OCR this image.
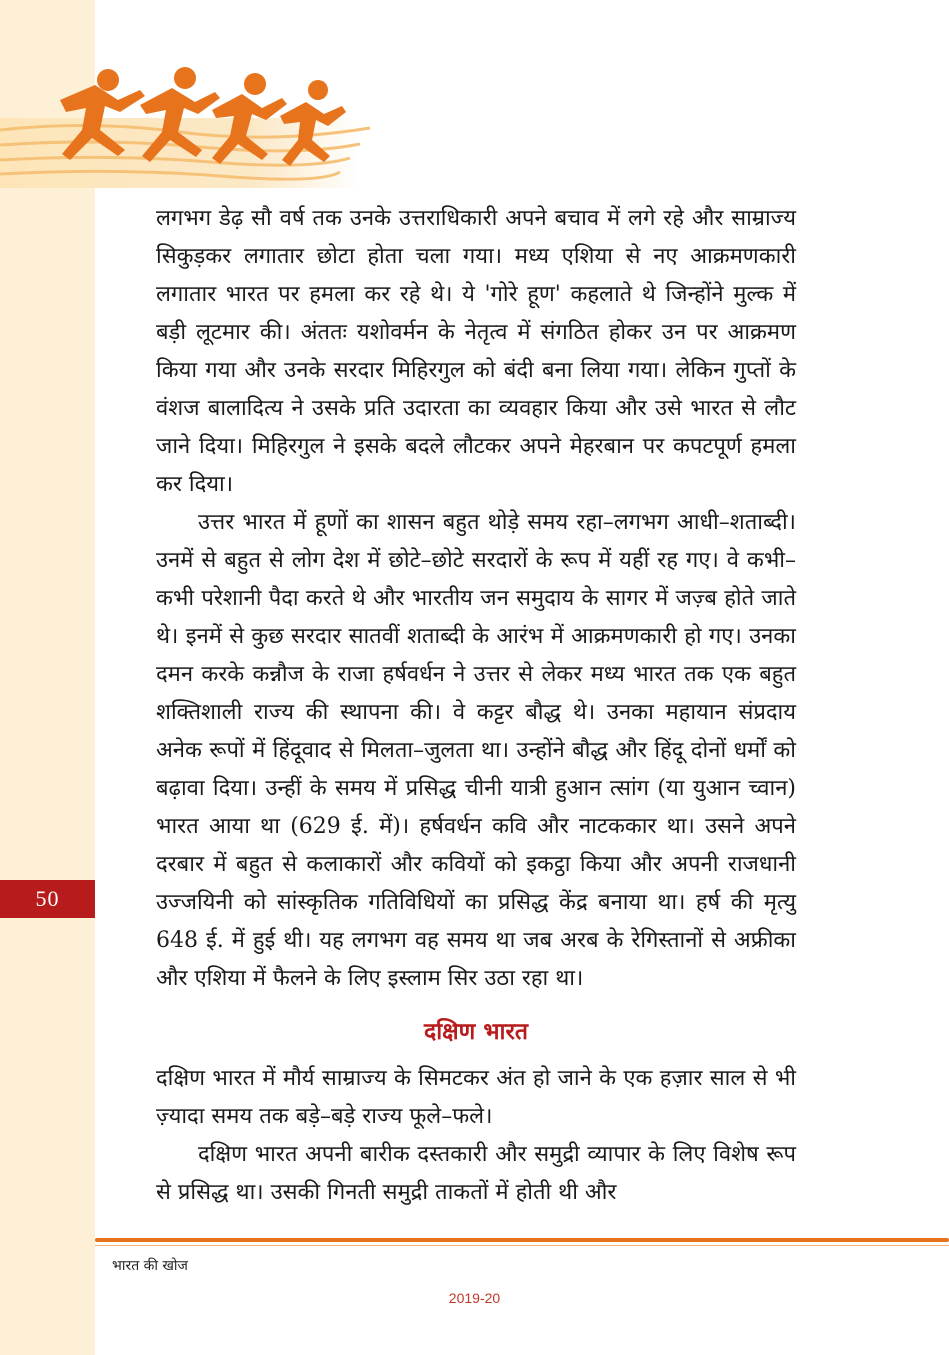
50

लगभग डेढ़ सौ वर्ष तक उनके उत्तराधिकारी अपने बचाव में लगे रहे और साम्राज्य सिकुड़कर लगातार छोटा होता चला गया। मध्य एशिया से नए आक्रमणकारी लगातार भारत पर हमला कर रहे थे। ये 'गोरे हूण' कहलाते थे जिन्होंने मुल्क में बड़ी लूटमार की। अंततः यशोवर्मन के नेतृत्व में संगठित होकर उन पर आक्रमण किया गया और उनके सरदार मिहिरगुल को बंदी बना लिया गया। लेकिन गुप्तों के वंशज बालादित्य ने उसके प्रति उदारता का व्यवहार किया और उसे भारत से लौट जाने दिया। मिहिरगुल ने इसके बदले लौटकर अपने मेहरबान पर कपटपूर्ण हमला कर दिया।

उत्तर भारत में हूणों का शासन बहुत थोड़े समय रहा–लगभग आधी–शताब्दी। उनमें से बहुत से लोग देश में छोटे–छोटे सरदारों के रूप में यहीं रह गए। वे कभी–कभी परेशानी पैदा करते थे और भारतीय जन समुदाय के सागर में जज़्ब होते जाते थे। इनमें से कुछ सरदार सातवीं शताब्दी के आरंभ में आक्रमणकारी हो गए। उनका दमन करके कन्नौज के राजा हर्षवर्धन ने उत्तर से लेकर मध्य भारत तक एक बहुत शक्तिशाली राज्य की स्थापना की। वे कट्टर बौद्ध थे। उनका महायान संप्रदाय अनेक रूपों में हिंदूवाद से मिलता–जुलता था। उन्होंने बौद्ध और हिंदू दोनों धर्मों को बढ़ावा दिया। उन्हीं के समय में प्रसिद्ध चीनी यात्री हुआन त्सांग (या युआन च्वान) भारत आया था (629 ई. में)। हर्षवर्धन कवि और नाटककार था। उसने अपने दरबार में बहुत से कलाकारों और कवियों को इकट्ठा किया और अपनी राजधानी उज्जयिनी को सांस्कृतिक गतिविधियों का प्रसिद्ध केंद्र बनाया था। हर्ष की मृत्यु 648 ई. में हुई थी। यह लगभग वह समय था जब अरब के रेगिस्तानों से अफ्रीका और एशिया में फैलने के लिए इस्लाम सिर उठा रहा था।

दक्षिण भारत

दक्षिण भारत में मौर्य साम्राज्य के सिमटकर अंत हो जाने के एक हज़ार साल से भी ज़्यादा समय तक बड़े–बड़े राज्य फूले–फले।

दक्षिण भारत अपनी बारीक दस्तकारी और समुद्री व्यापार के लिए विशेष रूप से प्रसिद्ध था। उसकी गिनती समुद्री ताकतों में होती थी और

भारत की खोज
2019-20
